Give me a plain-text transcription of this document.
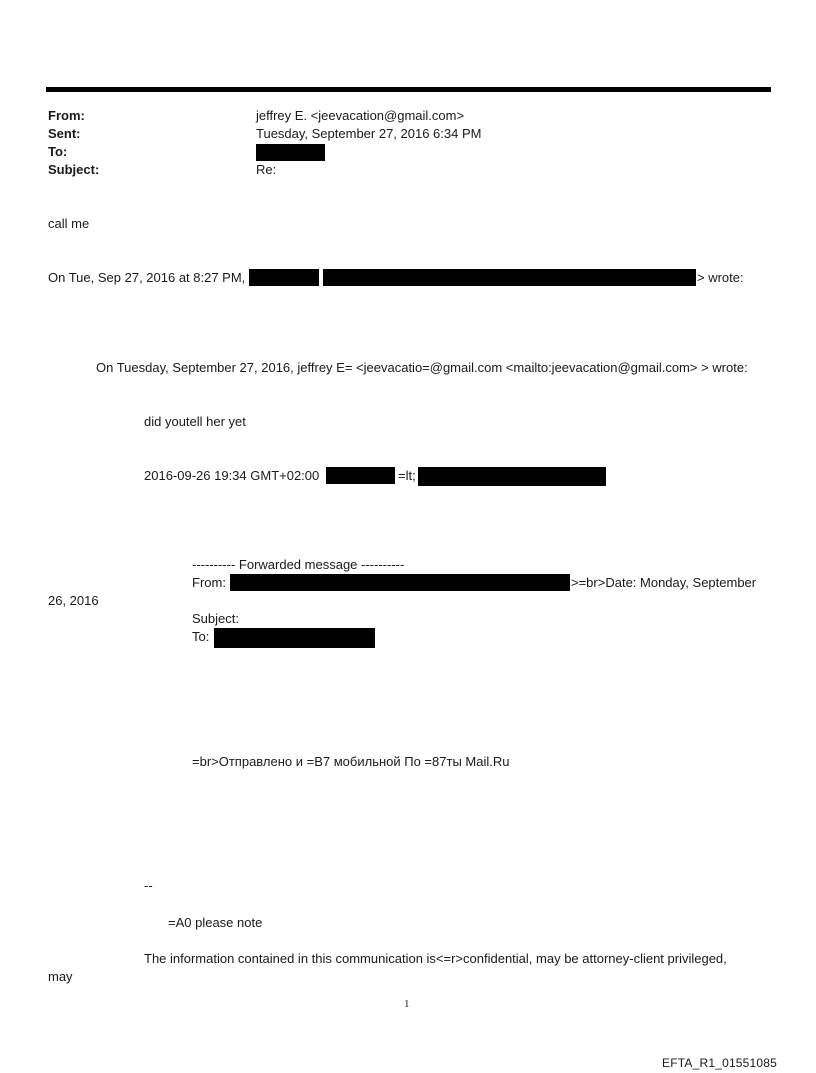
From:	jeffrey E. <jeevacation@gmail.com>
Sent:	Tuesday, September 27, 2016 6:34 PM
To:
Subject:	Re:
call me
On Tue, Sep 27, 2016 at 8:27 PM,	> wrote:
On Tuesday, September 27, 2016, jeffrey E= <jeevacatio=@gmail.com <mailto:jeevacation@gmail.com> > wrote:
did youtell her yet
2016-09-26 19:34 GMT+02:00	=lt;
---------- Forwarded message ----------
From:	>=br>Date: Monday, September
26, 2016
Subject:
To:
=br>Отправлено и =B7 мобильной По =87ты Mail.Ru
--
=A0 please note
The information contained in this communication is<=r>confidential, may be attorney-client privileged,
may
1
EFTA_R1_01551085
